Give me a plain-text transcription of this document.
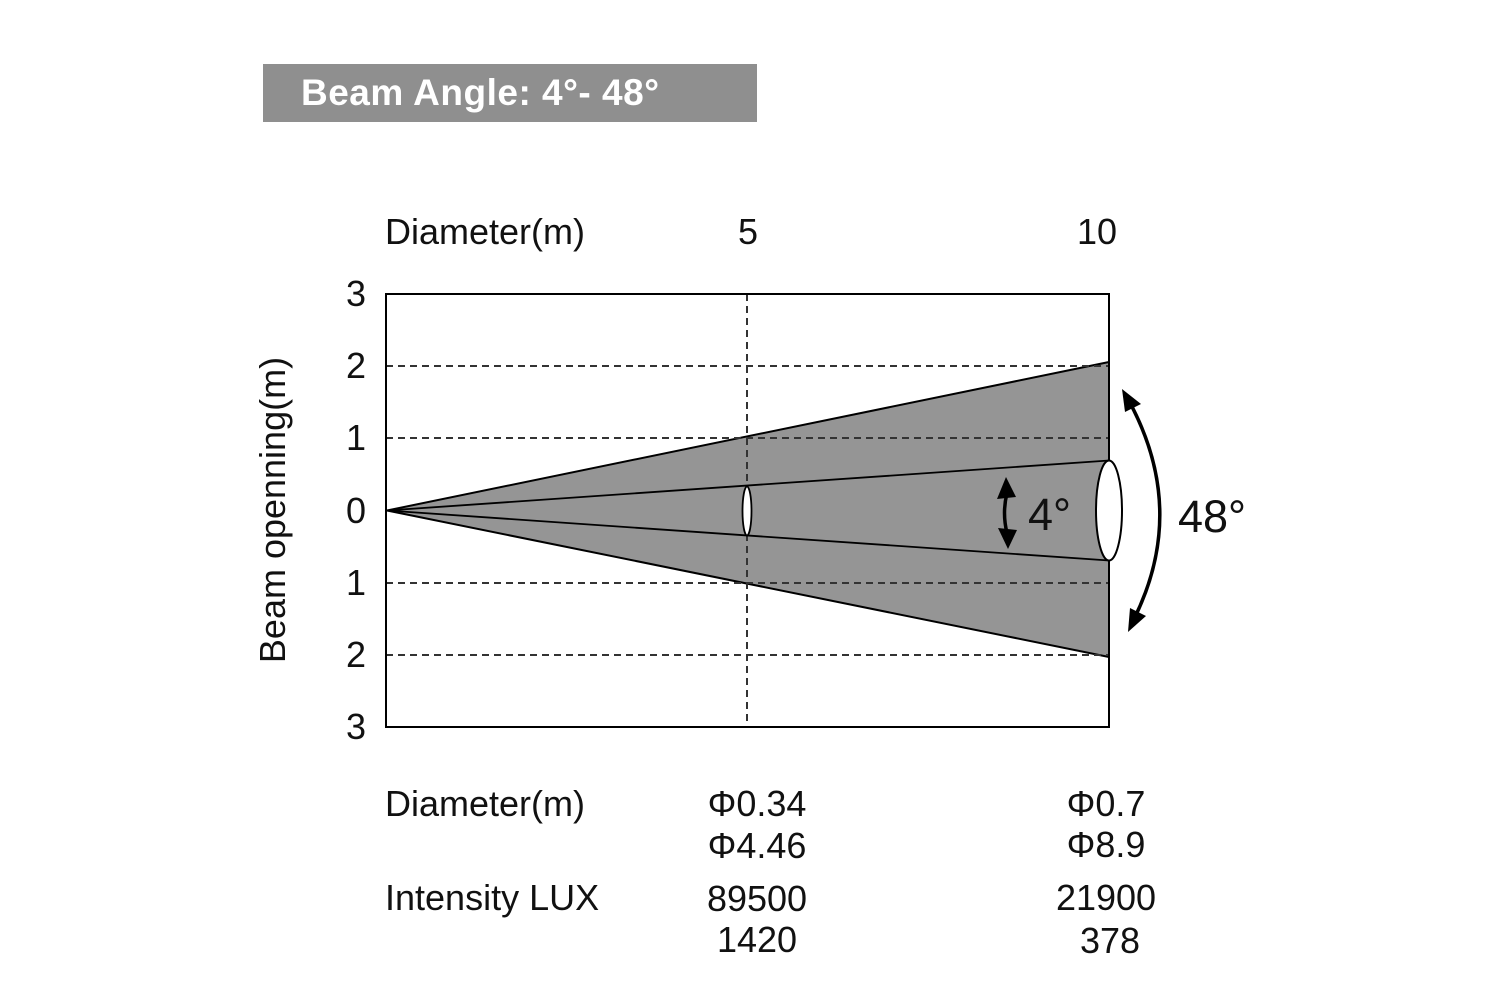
Beam Angle: 4°- 48°
Diameter(m)	5	10
3
2
1
0
1
2
3
Beam openning(m)	4° 48°
Diameter(m)	Φ0.34	Φ0.7
Φ4.46	Φ8.9
Intensity LUX	89500	21900
1420	378
